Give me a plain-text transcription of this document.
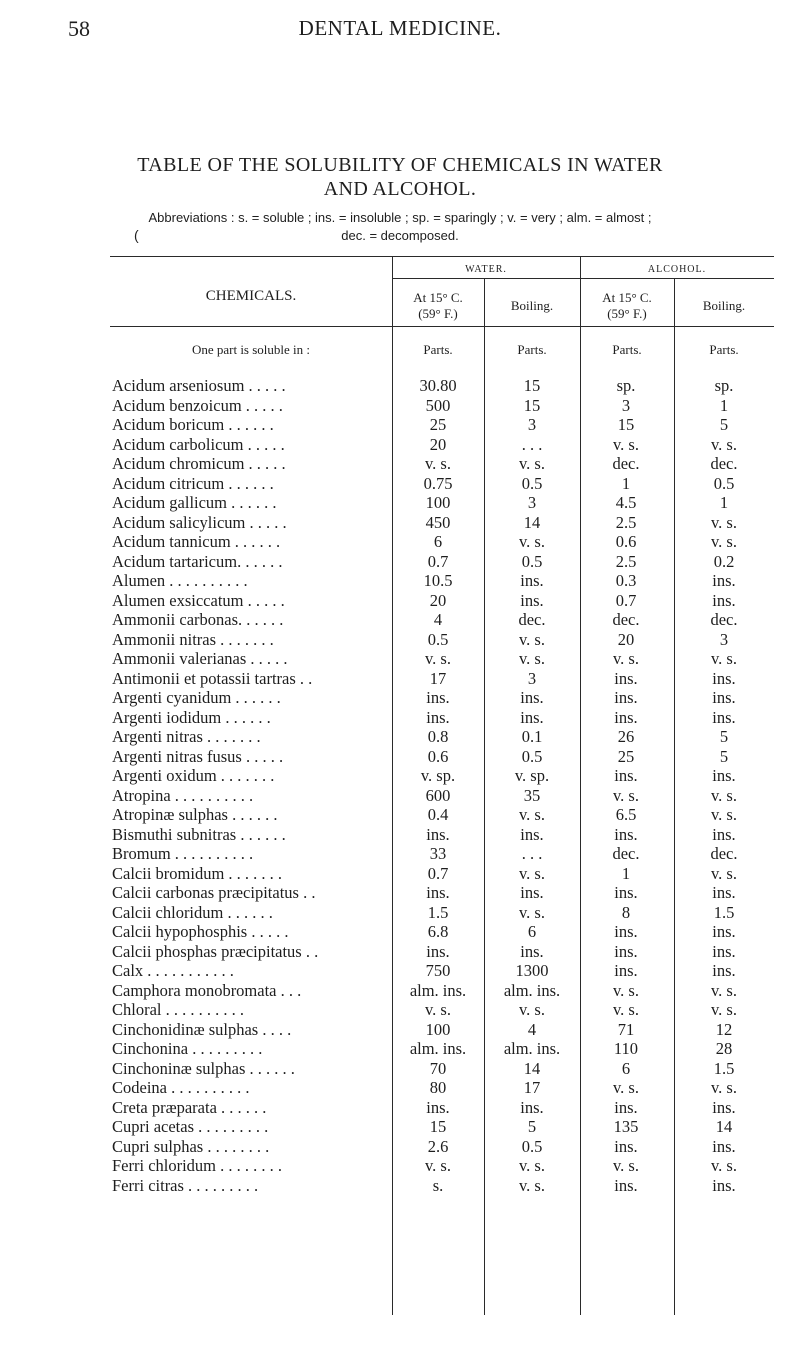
58	DENTAL MEDICINE.
TABLE OF THE SOLUBILITY OF CHEMICALS IN WATER
AND ALCOHOL.
Abbreviations : s. = soluble ; ins. = insoluble ; sp. = sparingly ; v. = very ; alm. = almost ;
dec. = decomposed.
(
CHEMICALS.
WATER.	ALCOHOL.
At 15° C.
(59° F.)
Boiling.
At 15° C.
(59° F.)
Boiling.
One part is soluble in :	Parts.	Parts.	Parts.	Parts.
Acidum arseniosum . . . . .	30.80	15	sp.	sp.
Acidum benzoicum . . . . .	500	15	3	1
Acidum boricum . . . . . .	25	3	15	5
Acidum carbolicum . . . . .	20	. . .	v. s.	v. s.
Acidum chromicum . . . . .	v. s.	v. s.	dec.	dec.
Acidum citricum . . . . . .	0.75	0.5	1	0.5
Acidum gallicum . . . . . .	100	3	4.5	1
Acidum salicylicum . . . . .	450	14	2.5	v. s.
Acidum tannicum . . . . . .	6	v. s.	0.6	v. s.
Acidum tartaricum. . . . . .	0.7	0.5	2.5	0.2
Alumen . . . . . . . . . .	10.5	ins.	0.3	ins.
Alumen exsiccatum . . . . .	20	ins.	0.7	ins.
Ammonii carbonas. . . . . .	4	dec.	dec.	dec.
Ammonii nitras . . . . . . .	0.5	v. s.	20	3
Ammonii valerianas . . . . .	v. s.	v. s.	v. s.	v. s.
Antimonii et potassii tartras . .	17	3	ins.	ins.
Argenti cyanidum . . . . . .	ins.	ins.	ins.	ins.
Argenti iodidum . . . . . .	ins.	ins.	ins.	ins.
Argenti nitras . . . . . . .	0.8	0.1	26	5
Argenti nitras fusus . . . . .	0.6	0.5	25	5
Argenti oxidum . . . . . . .	v. sp.	v. sp.	ins.	ins.
Atropina . . . . . . . . . .	600	35	v. s.	v. s.
Atropinæ sulphas . . . . . .	0.4	v. s.	6.5	v. s.
Bismuthi subnitras . . . . . .	ins.	ins.	ins.	ins.
Bromum . . . . . . . . . .	33	. . .	dec.	dec.
Calcii bromidum . . . . . . .	0.7	v. s.	1	v. s.
Calcii carbonas præcipitatus . .	ins.	ins.	ins.	ins.
Calcii chloridum . . . . . .	1.5	v. s.	8	1.5
Calcii hypophosphis . . . . .	6.8	6	ins.	ins.
Calcii phosphas præcipitatus . .	ins.	ins.	ins.	ins.
Calx . . . . . . . . . . .	750	1300	ins.	ins.
Camphora monobromata . . .	alm. ins.	alm. ins.	v. s.	v. s.
Chloral . . . . . . . . . .	v. s.	v. s.	v. s.	v. s.
Cinchonidinæ sulphas . . . .	100	4	71	12
Cinchonina . . . . . . . . .	alm. ins.	alm. ins.	110	28
Cinchoninæ sulphas . . . . . .	70	14	6	1.5
Codeina . . . . . . . . . .	80	17	v. s.	v. s.
Creta præparata . . . . . .	ins.	ins.	ins.	ins.
Cupri acetas . . . . . . . . .	15	5	135	14
Cupri sulphas . . . . . . . .	2.6	0.5	ins.	ins.
Ferri chloridum . . . . . . . .	v. s.	v. s.	v. s.	v. s.
Ferri citras . . . . . . . . .	s.	v. s.	ins.	ins.
